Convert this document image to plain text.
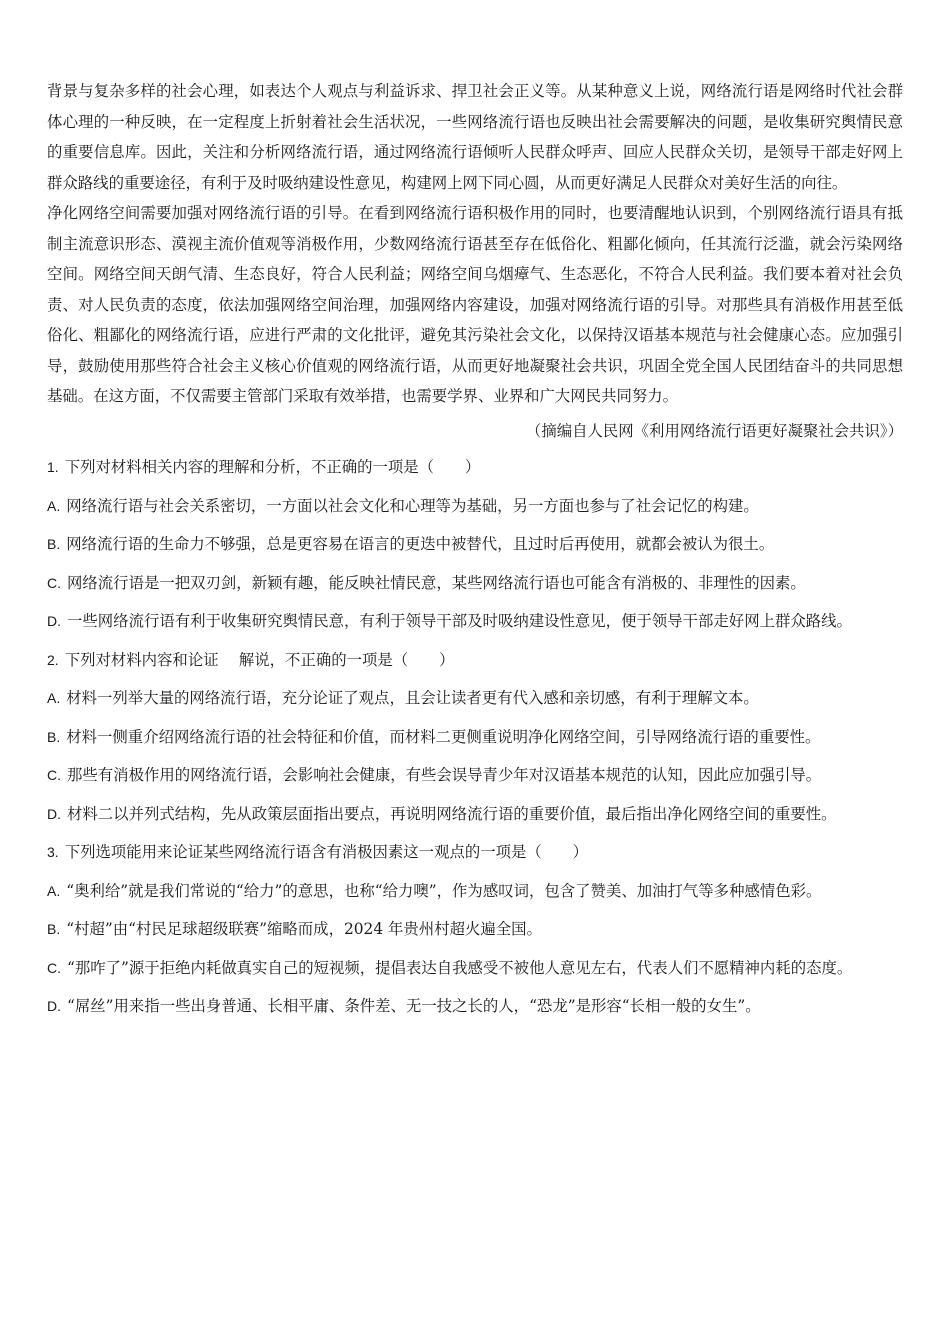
背景与复杂多样的社会心理，如表达个人观点与利益诉求、捍卫社会正义等。从某种意义上说，网络流行语是网络时代社会群体心理的一种反映，在一定程度上折射着社会生活状况，一些网络流行语也反映出社会需要解决的问题，是收集研究舆情民意的重要信息库。因此，关注和分析网络流行语，通过网络流行语倾听人民群众呼声、回应人民群众关切，是领导干部走好网上群众路线的重要途径，有利于及时吸纳建设性意见，构建网上网下同心圆，从而更好满足人民群众对美好生活的向往。

净化网络空间需要加强对网络流行语的引导。在看到网络流行语积极作用的同时，也要清醒地认识到，个别网络流行语具有抵制主流意识形态、漠视主流价值观等消极作用，少数网络流行语甚至存在低俗化、粗鄙化倾向，任其流行泛滥，就会污染网络空间。网络空间天朗气清、生态良好，符合人民利益；网络空间乌烟瘴气、生态恶化，不符合人民利益。我们要本着对社会负责、对人民负责的态度，依法加强网络空间治理，加强网络内容建设，加强对网络流行语的引导。对那些具有消极作用甚至低俗化、粗鄙化的网络流行语，应进行严肃的文化批评，避免其污染社会文化，以保持汉语基本规范与社会健康心态。应加强引导，鼓励使用那些符合社会主义核心价值观的网络流行语，从而更好地凝聚社会共识，巩固全党全国人民团结奋斗的共同思想基础。在这方面，不仅需要主管部门采取有效举措，也需要学界、业界和广大网民共同努力。

（摘编自人民网《利用网络流行语更好凝聚社会共识》）

1. 下列对材料相关内容的理解和分析，不正确的一项是（　　）

A. 网络流行语与社会关系密切，一方面以社会文化和心理等为基础，另一方面也参与了社会记忆的构建。

B. 网络流行语的生命力不够强，总是更容易在语言的更迭中被替代，且过时后再使用，就都会被认为很土。

C. 网络流行语是一把双刃剑，新颖有趣，能反映社情民意，某些网络流行语也可能含有消极的、非理性的因素。

D. 一些网络流行语有利于收集研究舆情民意，有利于领导干部及时吸纳建设性意见，便于领导干部走好网上群众路线。

2. 下列对材料内容和论证　 解说，不正确的一项是（　　）

A. 材料一列举大量的网络流行语，充分论证了观点，且会让读者更有代入感和亲切感，有利于理解文本。

B. 材料一侧重介绍网络流行语的社会特征和价值，而材料二更侧重说明净化网络空间，引导网络流行语的重要性。

C. 那些有消极作用的网络流行语，会影响社会健康，有些会误导青少年对汉语基本规范的认知，因此应加强引导。

D. 材料二以并列式结构，先从政策层面指出要点，再说明网络流行语的重要价值，最后指出净化网络空间的重要性。

3. 下列选项能用来论证某些网络流行语含有消极因素这一观点的一项是（　　）

A. “奥利给”就是我们常说的“给力”的意思，也称“给力噢”，作为感叹词，包含了赞美、加油打气等多种感情色彩。

B. “村超”由“村民足球超级联赛”缩略而成，2024 年贵州村超火遍全国。

C. “那咋了”源于拒绝内耗做真实自己的短视频，提倡表达自我感受不被他人意见左右，代表人们不愿精神内耗的态度。

D. “屌丝”用来指一些出身普通、长相平庸、条件差、无一技之长的人，“恐龙”是形容“长相一般的女生”。
